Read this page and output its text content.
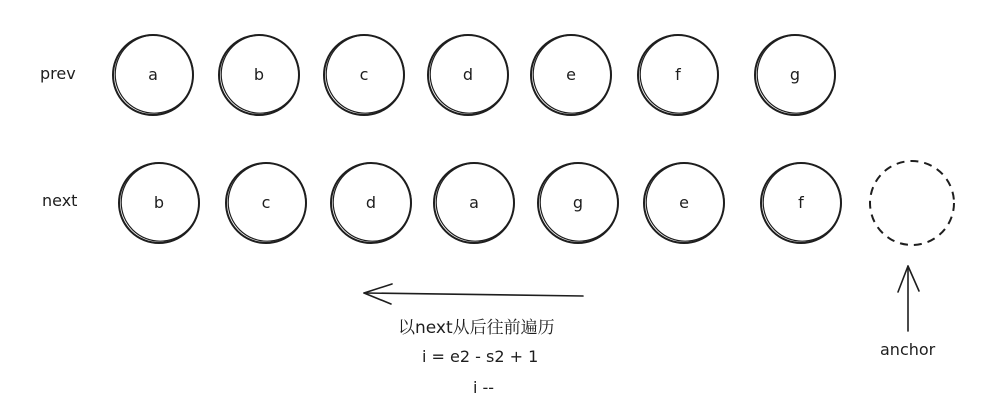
prev
next
a	b	c	d	e	f	g
b	c	d	a	g	e	f
以next从后往前遍历
i = e2 - s2 + 1
i --
anchor
